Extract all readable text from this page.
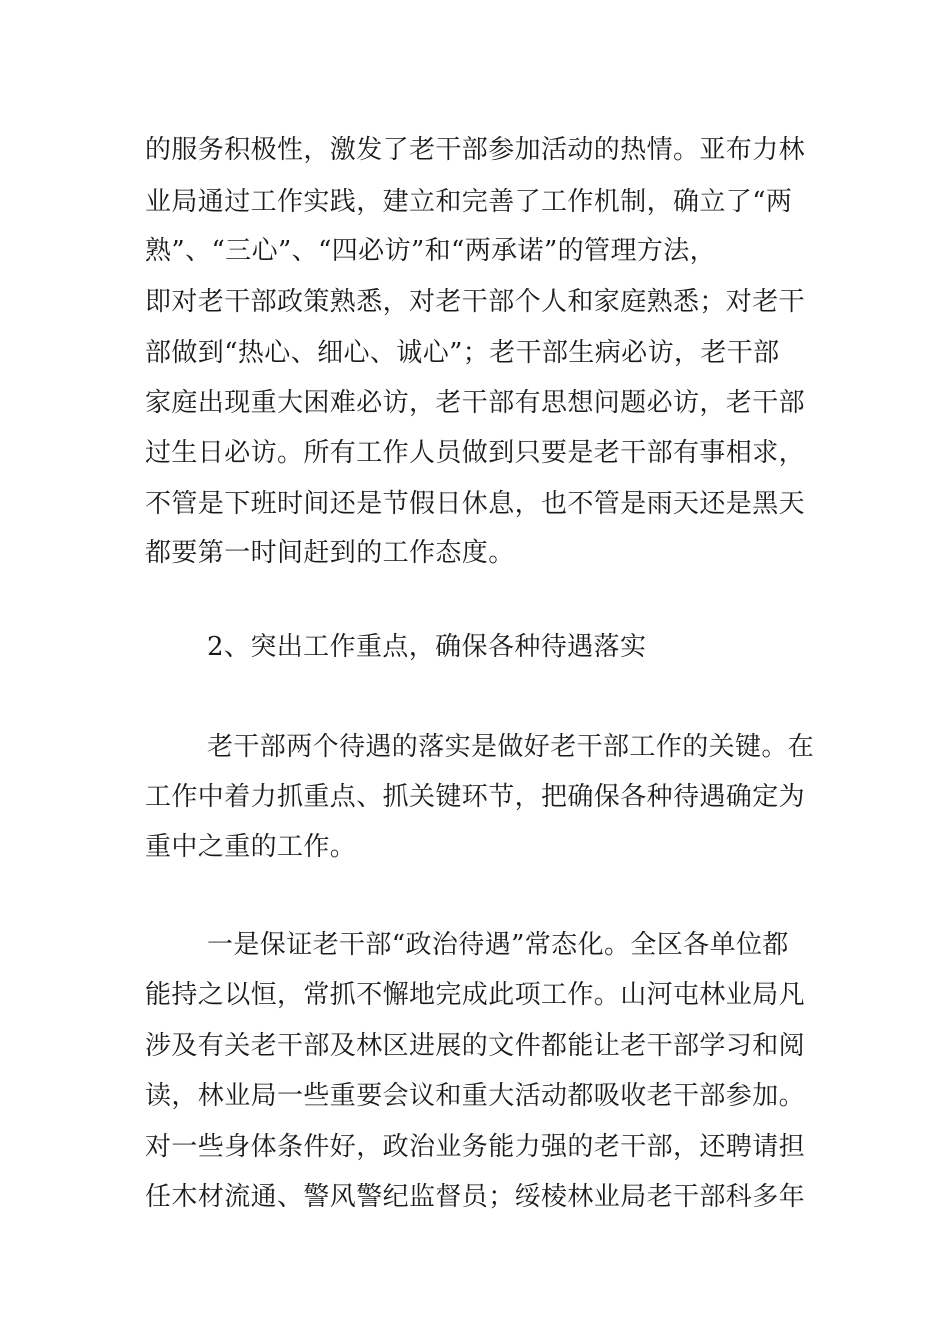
的服务积极性，激发了老干部参加活动的热情。亚布力林
业局通过工作实践，建立和完善了工作机制，确立了“两
熟”、“三心”、“四必访”和“两承诺”的管理方法，
即对老干部政策熟悉，对老干部个人和家庭熟悉；对老干
部做到“热心、细心、诚心”；老干部生病必访，老干部
家庭出现重大困难必访，老干部有思想问题必访，老干部
过生日必访。所有工作人员做到只要是老干部有事相求，
不管是下班时间还是节假日休息，也不管是雨天还是黑天
都要第一时间赶到的工作态度。
2、突出工作重点，确保各种待遇落实
老干部两个待遇的落实是做好老干部工作的关键。在
工作中着力抓重点、抓关键环节，把确保各种待遇确定为
重中之重的工作。
一是保证老干部“政治待遇”常态化。全区各单位都
能持之以恒，常抓不懈地完成此项工作。山河屯林业局凡
涉及有关老干部及林区进展的文件都能让老干部学习和阅
读，林业局一些重要会议和重大活动都吸收老干部参加。
对一些身体条件好，政治业务能力强的老干部，还聘请担
任木材流通、警风警纪监督员；绥棱林业局老干部科多年
